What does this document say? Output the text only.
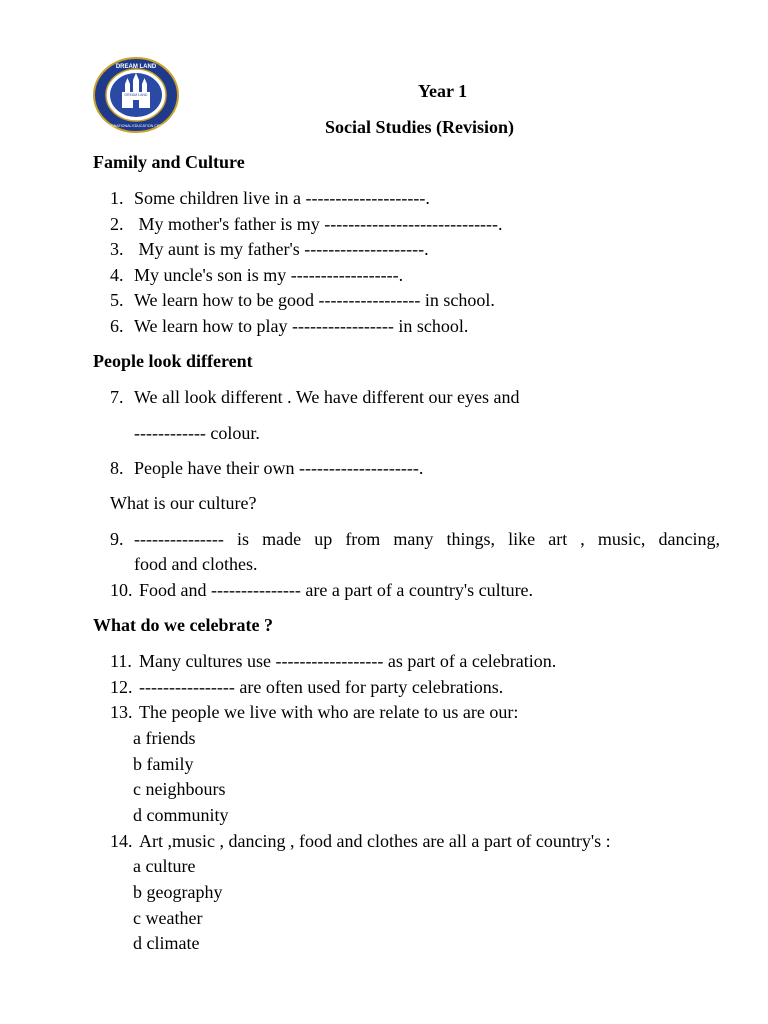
DREAM LAND
DREAM LAND
INTERNATIONAL EDUCATION CENTER
Year 1
Social Studies (Revision)
Family and Culture
1. Some children live in a --------------------.
2. My mother's father is my -----------------------------.
3. My aunt is my father's --------------------.
4. My uncle's son is my ------------------.
5. We learn how to be good ----------------- in school.
6. We learn how to play ----------------- in school.
People look different
7. We all look different . We have different our eyes and
------------ colour.
8. People have their own --------------------.
What is our culture?
9. --------------- is made up from many things, like art , music, dancing,
food and clothes.
10. Food and --------------- are a part of a country's culture.
What do we celebrate ?
11. Many cultures use ------------------ as part of a celebration.
12. ---------------- are often used for party celebrations.
13. The people we live with who are relate to us are our:
a friends
b family
c neighbours
d community
14. Art ,music , dancing , food and clothes are all a part of country's :
a culture
b geography
c weather
d climate
